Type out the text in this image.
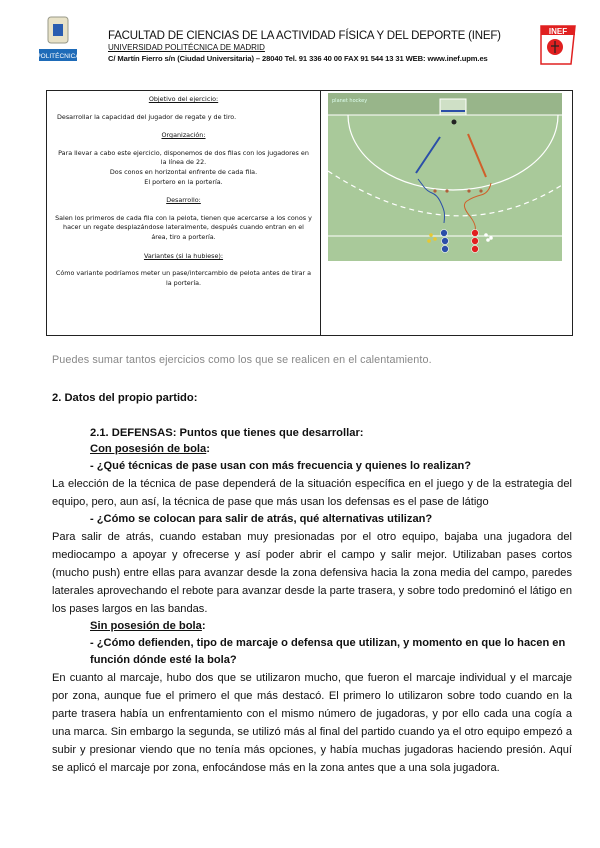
POLITÉCNICA
FACULTAD DE CIENCIAS DE LA ACTIVIDAD FÍSICA Y DEL DEPORTE (INEF)
UNIVERSIDAD POLITÉCNICA DE MADRID
C/ Martín Fierro s/n (Ciudad Universitaria) – 28040 Tel. 91 336 40 00 FAX 91 544 13 31 WEB: www.inef.upm.es
INEF
Objetivo del ejercicio:

Desarrollar la capacidad del jugador de regate y de tiro.

Organización:
Para llevar a cabo este ejercicio, disponemos de dos filas con los jugadores en la línea de 22.
Dos conos en horizontal enfrente de cada fila.

El portero en la portería.

Desarrollo:

Salen los primeros de cada fila con la pelota, tienen que acercarse a los conos y hacer un regate desplazándose lateralmente, después cuando entran en el área, tiro a portería.

Variantes (si la hubiese):

Cómo variante podríamos meter un pase/intercambio de pelota antes de tirar a la portería.

planet hockey
Puedes sumar tantos ejercicios como los que se realicen en el calentamiento.
2. Datos del propio partido:
2.1. DEFENSAS: Puntos que tienes que desarrollar:
Con posesión de bola:
- ¿Qué técnicas de pase usan con más frecuencia y quienes lo realizan?
La elección de la técnica de pase dependerá de la situación específica en el juego y de la estrategia del equipo, pero, aun así, la técnica de pase que más usan los defensas es el pase de látigo
- ¿Cómo se colocan para salir de atrás, qué alternativas utilizan?
Para salir de atrás, cuando estaban muy presionadas por el otro equipo, bajaba una jugadora del mediocampo a apoyar y ofrecerse y así poder abrir el campo y salir mejor. Utilizaban pases cortos (mucho push) entre ellas para avanzar desde la zona defensiva hacia la zona media del campo, paredes laterales aprovechando el rebote para avanzar desde la parte trasera, y sobre todo predominó el látigo en los pases largos en las bandas.
Sin posesión de bola:
- ¿Cómo defienden, tipo de marcaje o defensa que utilizan, y momento en que lo hacen en función dónde esté la bola?
En cuanto al marcaje, hubo dos que se utilizaron mucho, que fueron el marcaje individual y el marcaje por zona, aunque fue el primero el que más destacó. El primero lo utilizaron sobre todo cuando en la parte trasera había un enfrentamiento con el mismo número de jugadoras, y por ello cada una cogía a una marca. Sin embargo la segunda, se utilizó más al final del partido cuando ya el otro equipo empezó a subir y presionar viendo que no tenía más opciones, y había muchas jugadoras haciendo presión. Aquí se aplicó el marcaje por zona, enfocándose más en la zona antes que a una sola jugadora.
